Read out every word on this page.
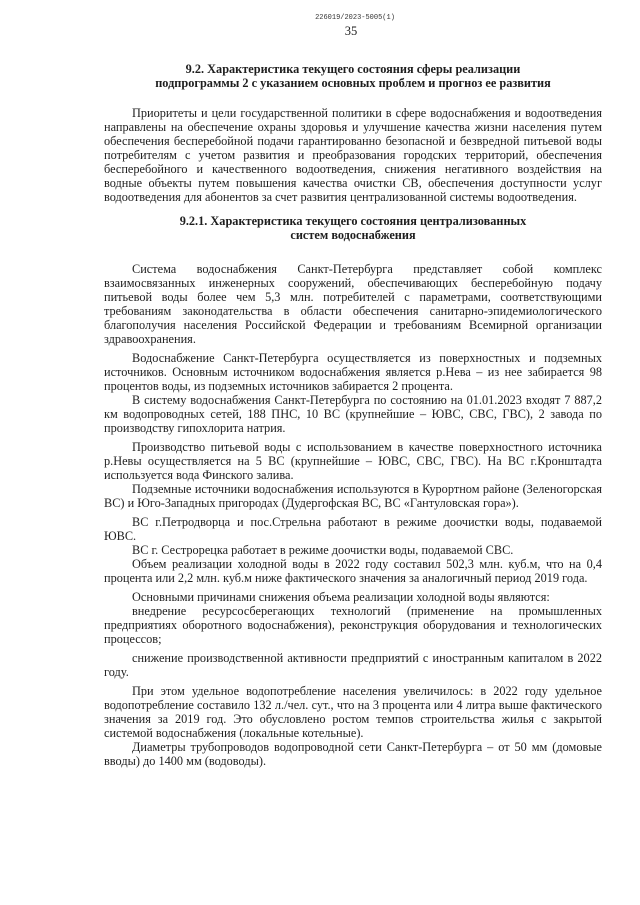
226019/2023-5005(1)
35

9.2. Характеристика текущего состояния сферы реализации

подпрограммы 2 с указанием основных проблем и прогноз ее развития

Приоритеты и цели государственной политики в сфере водоснабжения и водоотведения направлены на обеспечение охраны здоровья и улучшение качества жизни населения путем обеспечения бесперебойной подачи гарантированно безопасной и безвредной питьевой воды потребителям с учетом развития и преобразования городских территорий, обеспечения бесперебойного и качественного водоотведения, снижения негативного воздействия на водные объекты путем повышения качества очистки СВ, обеспечения доступности услуг водоотведения для абонентов за счет развития централизованной системы водоотведения.

9.2.1. Характеристика текущего состояния централизованных

систем водоснабжения

Система водоснабжения Санкт-Петербурга представляет собой комплекс взаимосвязанных инженерных сооружений, обеспечивающих бесперебойную подачу питьевой воды более чем 5,3 млн. потребителей с параметрами, соответствующими требованиям законодательства в области обеспечения санитарно-эпидемиологического благополучия населения Российской Федерации и требованиям Всемирной организации здравоохранения.

Водоснабжение Санкт-Петербурга осуществляется из поверхностных и подземных источников. Основным источником водоснабжения является р.Нева – из нее забирается 98 процентов воды, из подземных источников забирается 2 процента.

В систему водоснабжения Санкт-Петербурга по состоянию на 01.01.2023 входят 7 887,2 км водопроводных сетей, 188 ПНС, 10 ВС (крупнейшие – ЮВС, СВС, ГВС), 2 завода по производству гипохлорита натрия.

Производство питьевой воды с использованием в качестве поверхностного источника р.Невы осуществляется на 5 ВС (крупнейшие – ЮВС, СВС, ГВС). На ВС г.Кронштадта используется вода Финского залива.

Подземные источники водоснабжения используются в Курортном районе (Зеленогорская ВС) и Юго-Западных пригородах (Дудергофская ВС, ВС «Гантуловская гора»).

ВС г.Петродворца и пос.Стрельна работают в режиме доочистки воды, подаваемой ЮВС.

ВС г. Сестрорецка работает в режиме доочистки воды, подаваемой СВС.

Объем реализации холодной воды в 2022 году составил 502,3 млн. куб.м, что на 0,4 процента или 2,2 млн. куб.м ниже фактического значения за аналогичный период 2019 года.

Основными причинами снижения объема реализации холодной воды являются:

внедрение ресурсосберегающих технологий (применение на промышленных предприятиях оборотного водоснабжения), реконструкция оборудования и технологических процессов;

снижение производственной активности предприятий с иностранным капиталом в 2022 году.

При этом удельное водопотребление населения увеличилось: в 2022 году удельное водопотребление составило 132 л./чел. сут., что на 3 процента или 4 литра выше фактического значения за 2019 год. Это обусловлено ростом темпов строительства жилья с закрытой системой водоснабжения (локальные котельные).

Диаметры трубопроводов водопроводной сети Санкт-Петербурга – от 50 мм (домовые вводы) до 1400 мм (водоводы).
